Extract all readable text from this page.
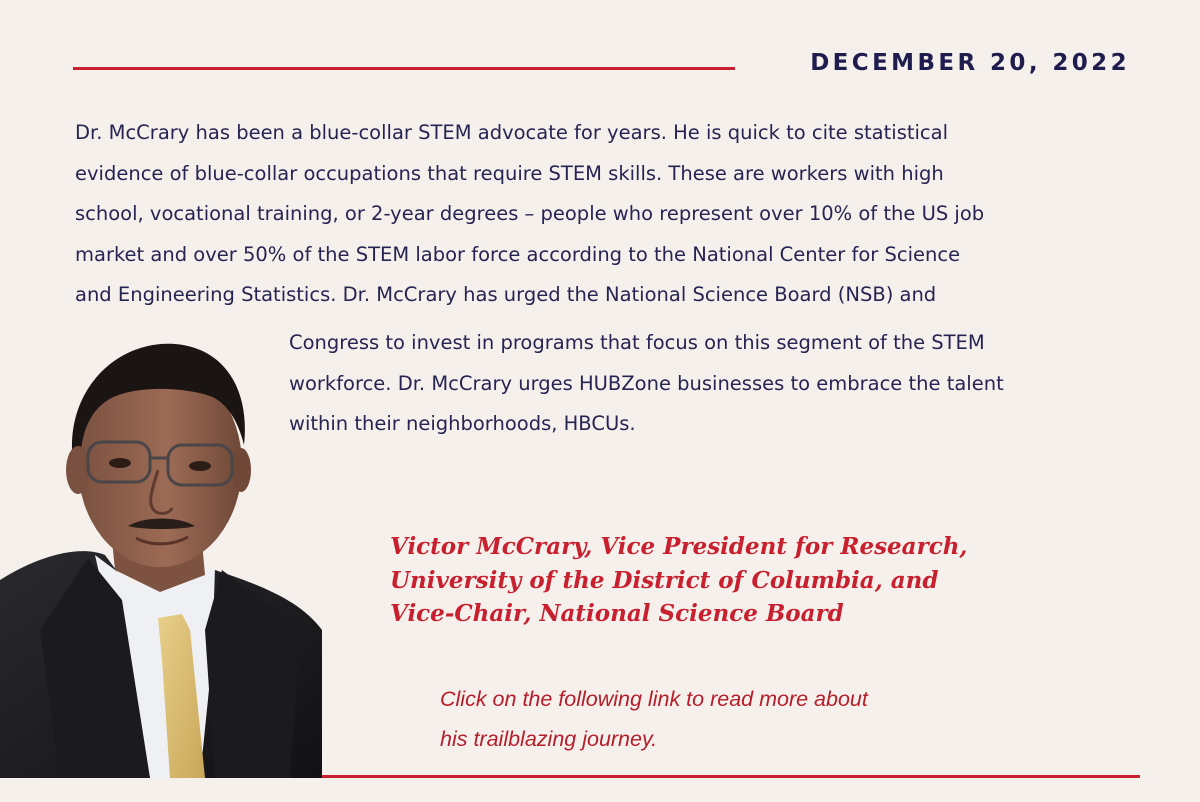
DECEMBER 20, 2022

Dr. McCrary has been a blue-collar STEM advocate for years. He is quick to cite statistical
evidence of blue-collar occupations that require STEM skills. These are workers with high
school, vocational training, or 2-year degrees – people who represent over 10% of the US job
market and over 50% of the STEM labor force according to the National Center for Science
and Engineering Statistics. Dr. McCrary has urged the National Science Board (NSB) and

Congress to invest in programs that focus on this segment of the STEM
workforce. Dr. McCrary urges HUBZone businesses to embrace the talent
within their neighborhoods, HBCUs.

Victor McCrary, Vice President for Research,
University of the District of Columbia, and
Vice-Chair, National Science Board

Click on the following link to read more about
his trailblazing journey.
